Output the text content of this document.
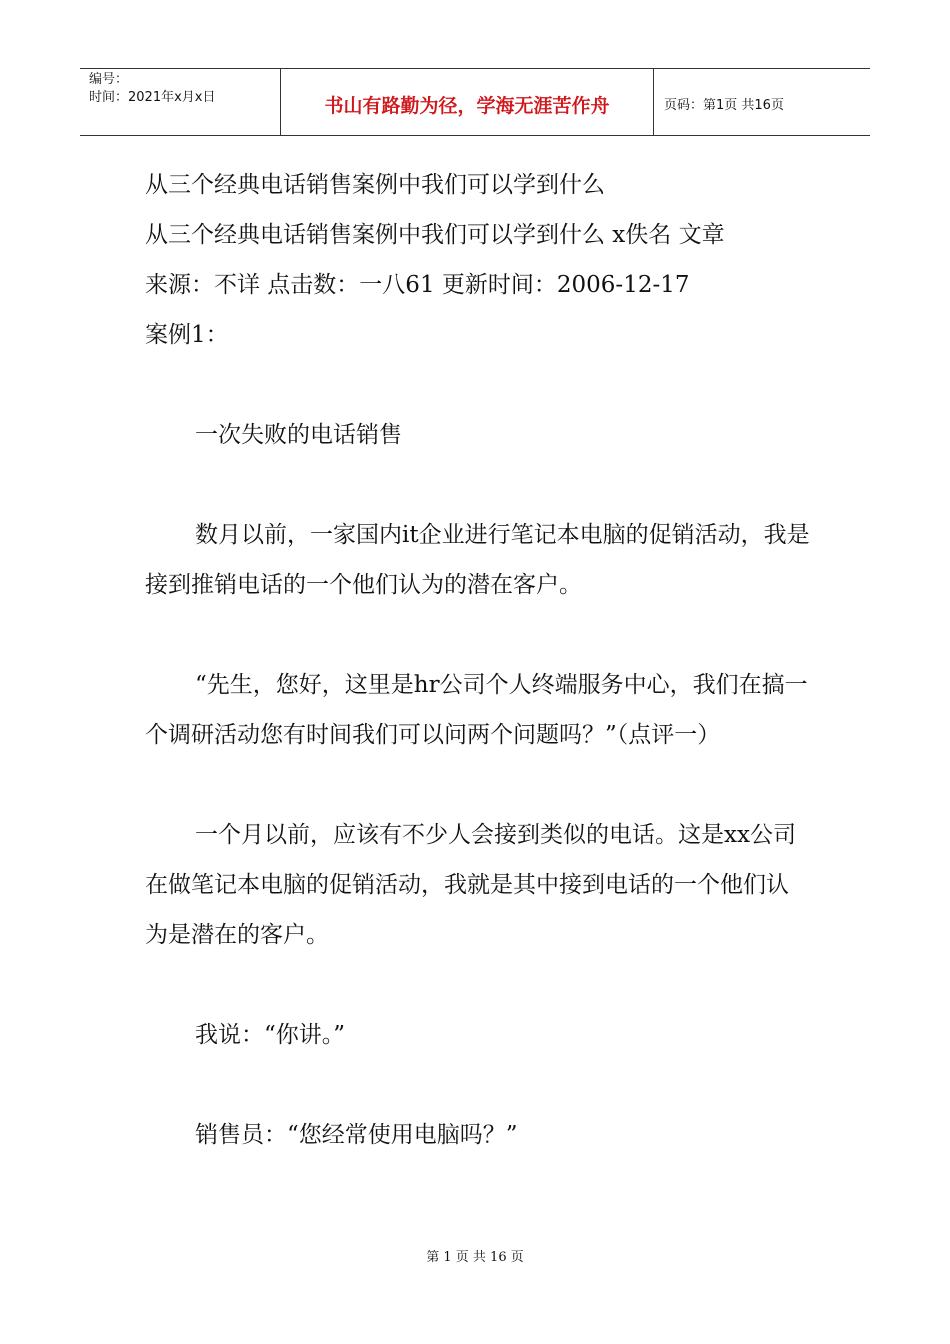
编号：
时间：2021年x月x日	书山有路勤为径，学海无涯苦作舟	页码：第1页 共16页

从三个经典电话销售案例中我们可以学到什么

从三个经典电话销售案例中我们可以学到什么 x佚名 文章

来源：不详 点击数：一八61 更新时间：2006-12-17

案例1：

一次失败的电话销售

数月以前，一家国内it企业进行笔记本电脑的促销活动，我是接到推销电话的一个他们认为的潜在客户。

“先生，您好，这里是hr公司个人终端服务中心，我们在搞一个调研活动您有时间我们可以问两个问题吗？”（点评一）

一个月以前，应该有不少人会接到类似的电话。这是xx公司在做笔记本电脑的促销活动，我就是其中接到电话的一个他们认为是潜在的客户。

我说：“你讲。”

销售员：“您经常使用电脑吗？”

第 1 页 共 16 页
